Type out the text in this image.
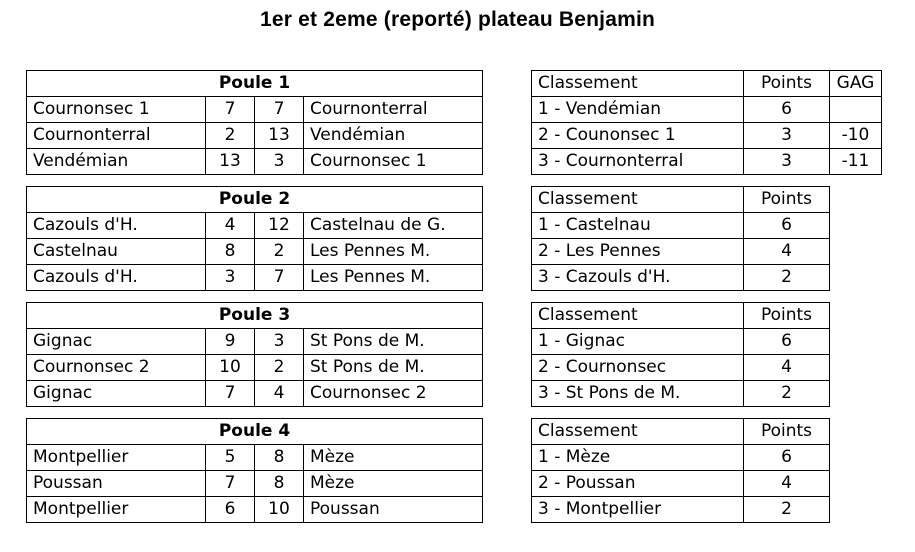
1er et 2eme (reporté) plateau Benjamin
Poule 1			
Cournonsec 1	7	7	Cournonterral
Cournonterral	2	13	Vendémian
Vendémian	13	3	Cournonsec 1
Classement	Points	GAG
1 - Vendémian	6	
2 - Counonsec 1	3	-10
3 - Cournonterral	3	-11
Poule 2			
Cazouls d'H.	4	12	Castelnau de G.
Castelnau	8	2	Les Pennes M.
Cazouls d'H.	3	7	Les Pennes M.
Classement	Points
1 - Castelnau	6
2 - Les Pennes	4
3 - Cazouls d'H.	2
Poule 3			
Gignac	9	3	St Pons de M.
Cournonsec 2	10	2	St Pons de M.
Gignac	7	4	Cournonsec 2
Classement	Points
1 - Gignac	6
2 - Cournonsec	4
3 - St Pons de M.	2
Poule 4			
Montpellier	5	8	Mèze
Poussan	7	8	Mèze
Montpellier	6	10	Poussan
Classement	Points
1 - Mèze	6
2 - Poussan	4
3 - Montpellier	2
